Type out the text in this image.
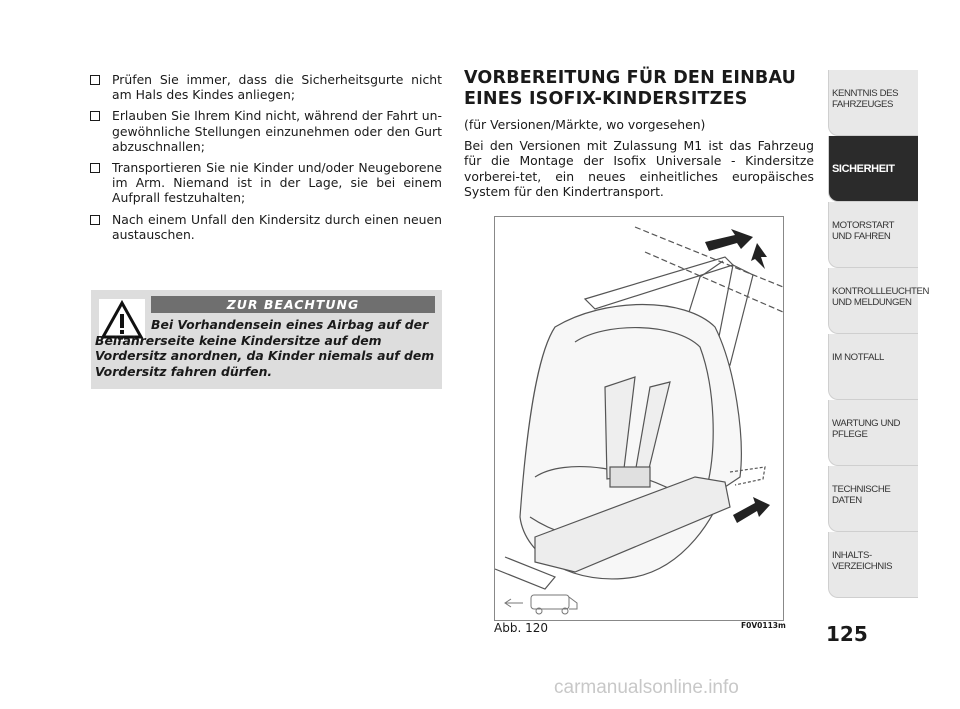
Prüfen Sie immer, dass die Sicherheitsgurte nicht am Hals des Kindes anliegen;
Erlauben Sie Ihrem Kind nicht, während der Fahrt un-gewöhnliche Stellungen einzunehmen oder den Gurt abzuschnallen;
Transportieren Sie nie Kinder und/oder Neugeborene im Arm. Niemand ist in der Lage, sie bei einem Aufprall festzuhalten;
Nach einem Unfall den Kindersitz durch einen neuen austauschen.
ZUR BEACHTUNG
Bei Vorhandensein eines Airbag auf der Beifahrerseite keine Kindersitze auf dem Vordersitz anordnen, da Kinder niemals auf dem Vordersitz fahren dürfen.
VORBEREITUNG FÜR DEN EINBAU
EINES ISOFIX-KINDERSITZES
(für Versionen/Märkte, wo vorgesehen)

Bei den Versionen mit Zulassung M1 ist das Fahrzeug für die Montage der Isofix Universale - Kindersitze vorberei-tet, ein neues einheitliches europäisches System für den Kindertransport.

Abb. 120	F0V0113m
KENNTNIS DES FAHRZEUGES
SICHERHEIT
MOTORSTART UND FAHREN
KONTROLLLEUCHTEN UND MELDUNGEN
IM NOTFALL
WARTUNG UND PFLEGE
TECHNISCHE DATEN
INHALTS-VERZEICHNIS
125
carmanualsonline.info
